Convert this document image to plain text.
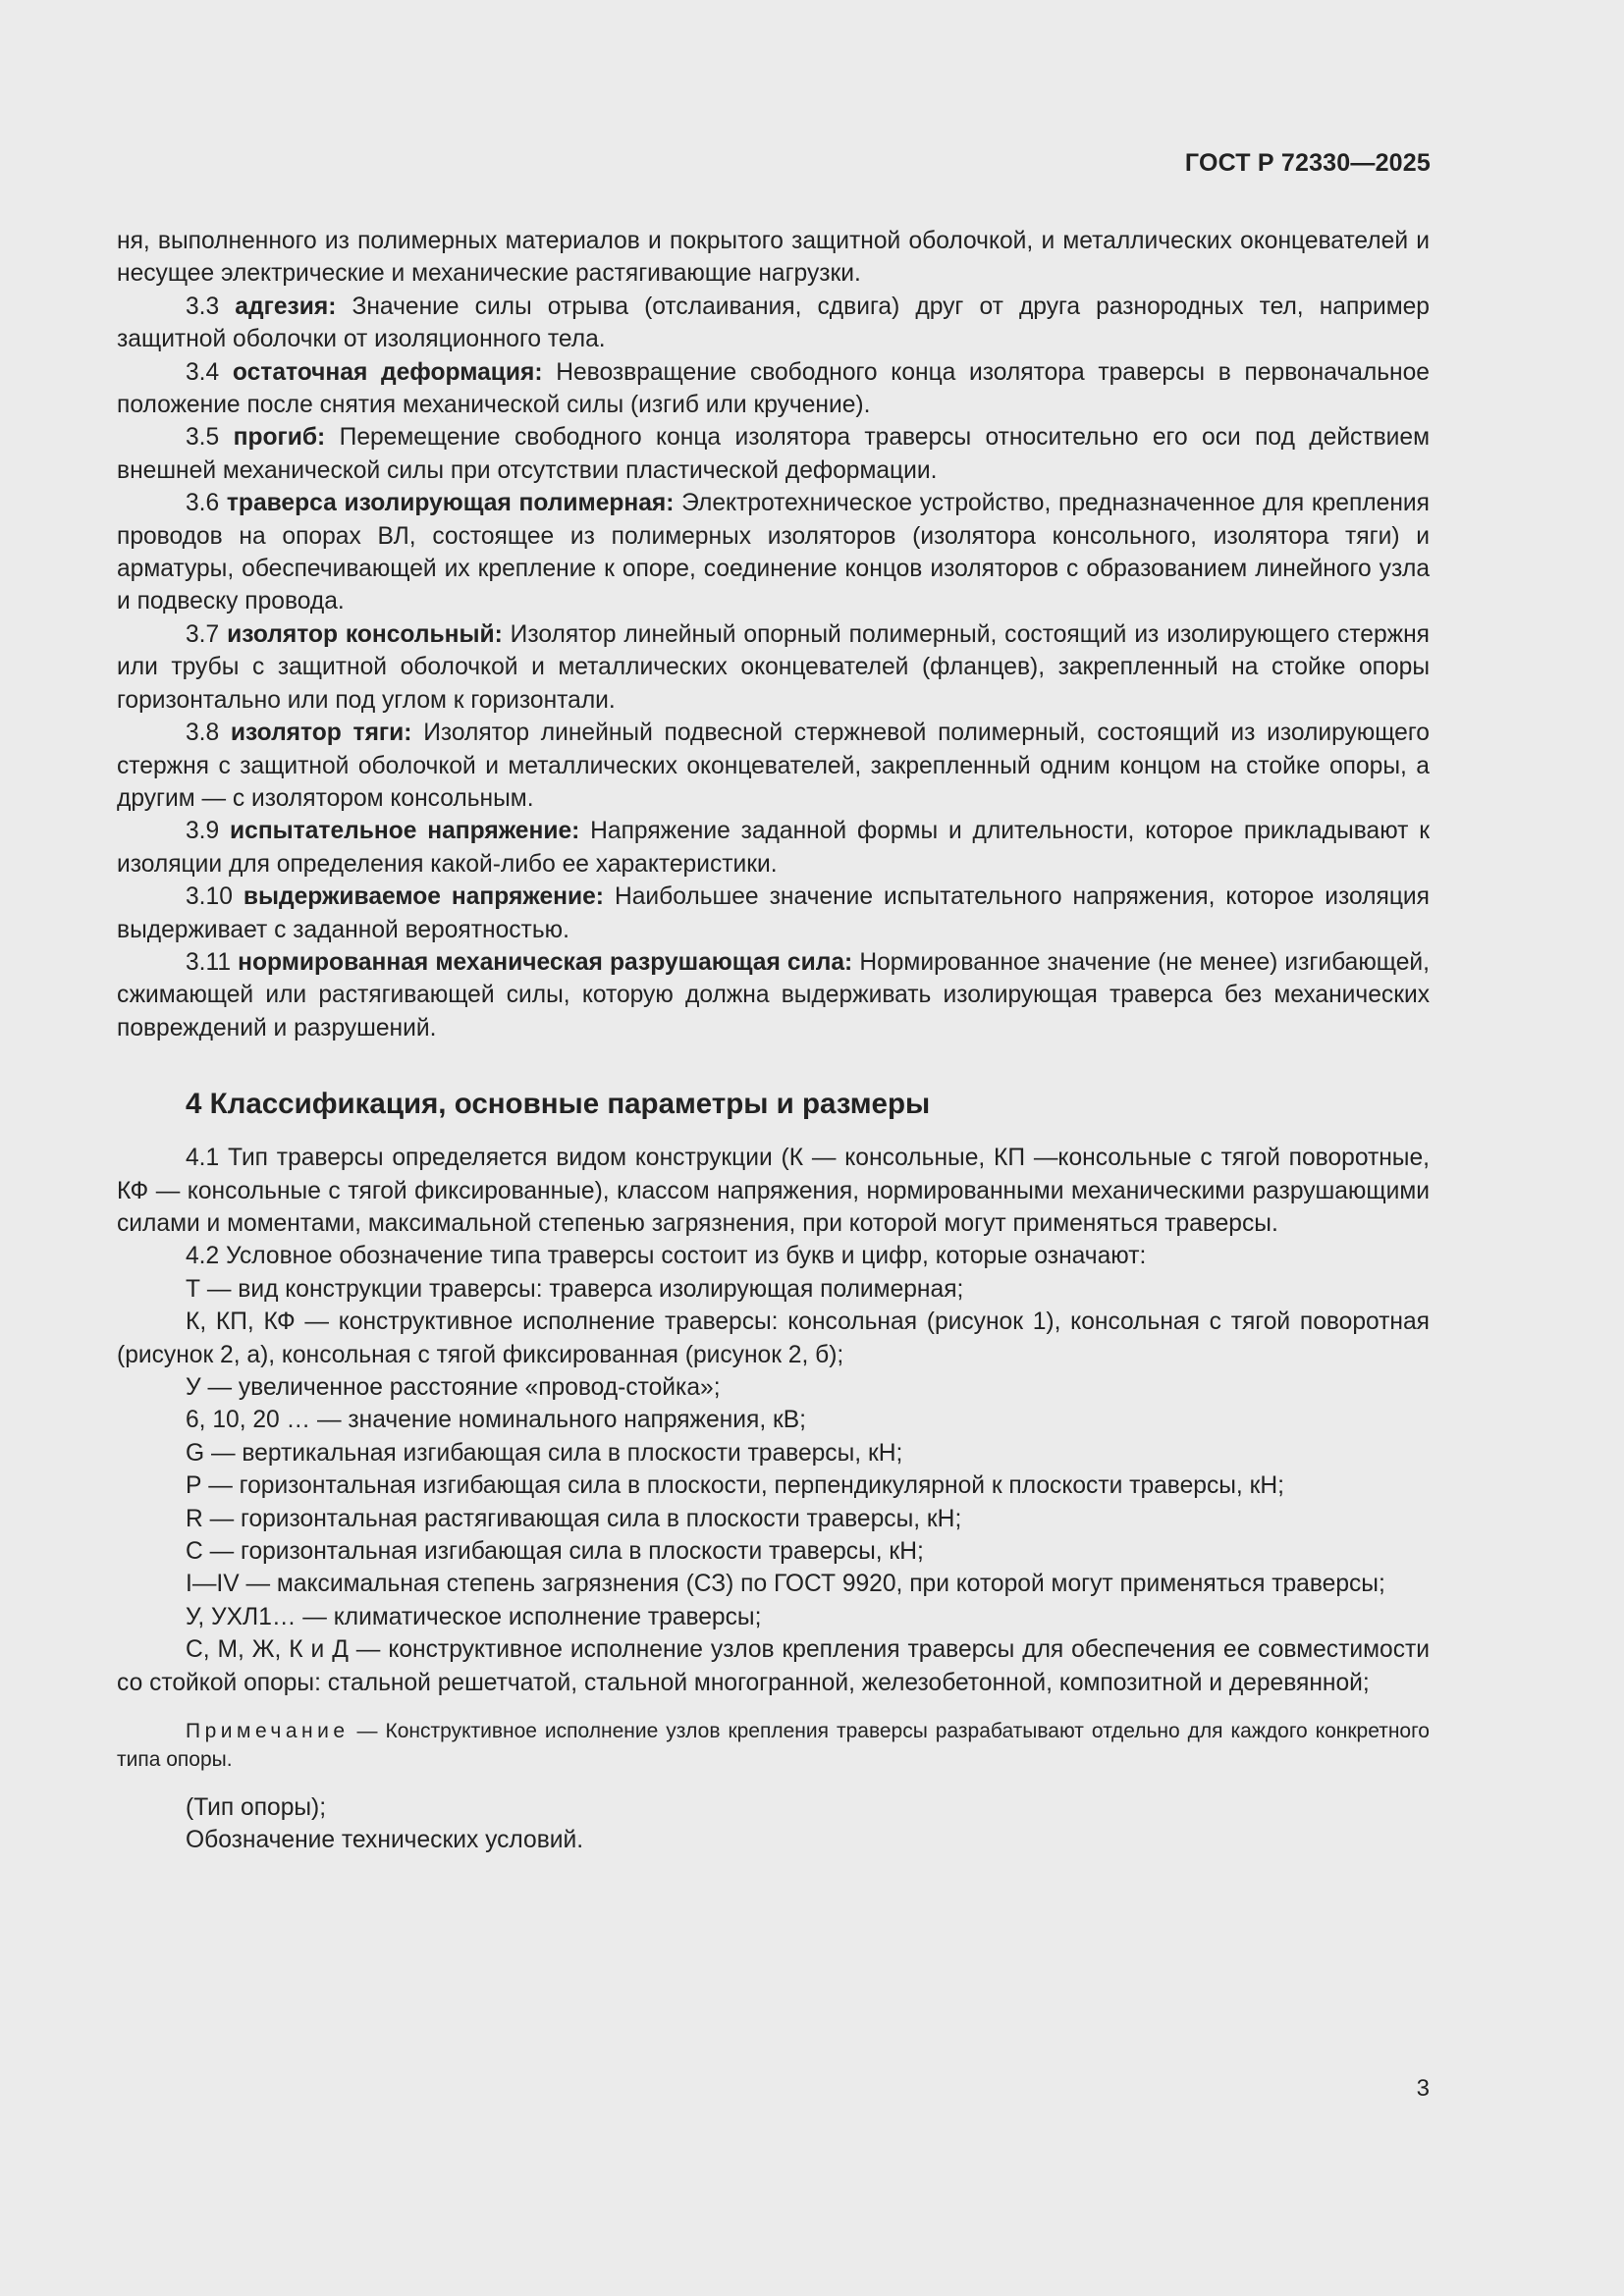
ГОСТ Р 72330—2025

ня, выполненного из полимерных материалов и покрытого защитной оболочкой, и металлических оконцевателей и несущее электрические и механические растягивающие нагрузки.

3.3 адгезия: Значение силы отрыва (отслаивания, сдвига) друг от друга разнородных тел, например защитной оболочки от изоляционного тела.

3.4 остаточная деформация: Невозвращение свободного конца изолятора траверсы в первоначальное положение после снятия механической силы (изгиб или кручение).

3.5 прогиб: Перемещение свободного конца изолятора траверсы относительно его оси под действием внешней механической силы при отсутствии пластической деформации.

3.6 траверса изолирующая полимерная: Электротехническое устройство, предназначенное для крепления проводов на опорах ВЛ, состоящее из полимерных изоляторов (изолятора консольного, изолятора тяги) и арматуры, обеспечивающей их крепление к опоре, соединение концов изоляторов с образованием линейного узла и подвеску провода.

3.7 изолятор консольный: Изолятор линейный опорный полимерный, состоящий из изолирующего стержня или трубы с защитной оболочкой и металлических оконцевателей (фланцев), закрепленный на стойке опоры горизонтально или под углом к горизонтали.

3.8 изолятор тяги: Изолятор линейный подвесной стержневой полимерный, состоящий из изолирующего стержня с защитной оболочкой и металлических оконцевателей, закрепленный одним концом на стойке опоры, а другим — с изолятором консольным.

3.9 испытательное напряжение: Напряжение заданной формы и длительности, которое прикладывают к изоляции для определения какой-либо ее характеристики.

3.10 выдерживаемое напряжение: Наибольшее значение испытательного напряжения, которое изоляция выдерживает с заданной вероятностью.

3.11 нормированная механическая разрушающая сила: Нормированное значение (не менее) изгибающей, сжимающей или растягивающей силы, которую должна выдерживать изолирующая траверса без механических повреждений и разрушений.

4 Классификация, основные параметры и размеры

4.1 Тип траверсы определяется видом конструкции (К — консольные, КП —консольные с тягой поворотные, КФ — консольные с тягой фиксированные), классом напряжения, нормированными механическими разрушающими силами и моментами, максимальной степенью загрязнения, при которой могут применяться траверсы.

4.2 Условное обозначение типа траверсы состоит из букв и цифр, которые означают:

Т — вид конструкции траверсы: траверса изолирующая полимерная;

К, КП, КФ — конструктивное исполнение траверсы: консольная (рисунок 1), консольная с тягой поворотная (рисунок 2, а), консольная с тягой фиксированная (рисунок 2, б);

У — увеличенное расстояние «провод-стойка»;

6, 10, 20 … — значение номинального напряжения, кВ;

G — вертикальная изгибающая сила в плоскости траверсы, кН;

Р — горизонтальная изгибающая сила в плоскости, перпендикулярной к плоскости траверсы, кН;

R — горизонтальная растягивающая сила в плоскости траверсы, кН;

С — горизонтальная изгибающая сила в плоскости траверсы, кН;

I—IV — максимальная степень загрязнения (СЗ) по ГОСТ 9920, при которой могут применяться траверсы;

У, УХЛ1… — климатическое исполнение траверсы;

С, М, Ж, К и Д — конструктивное исполнение узлов крепления траверсы для обеспечения ее совместимости со стойкой опоры: стальной решетчатой, стальной многогранной, железобетонной, композитной и деревянной;

Примечание — Конструктивное исполнение узлов крепления траверсы разрабатывают отдельно для каждого конкретного типа опоры.

(Тип опоры);

Обозначение технических условий.

3
